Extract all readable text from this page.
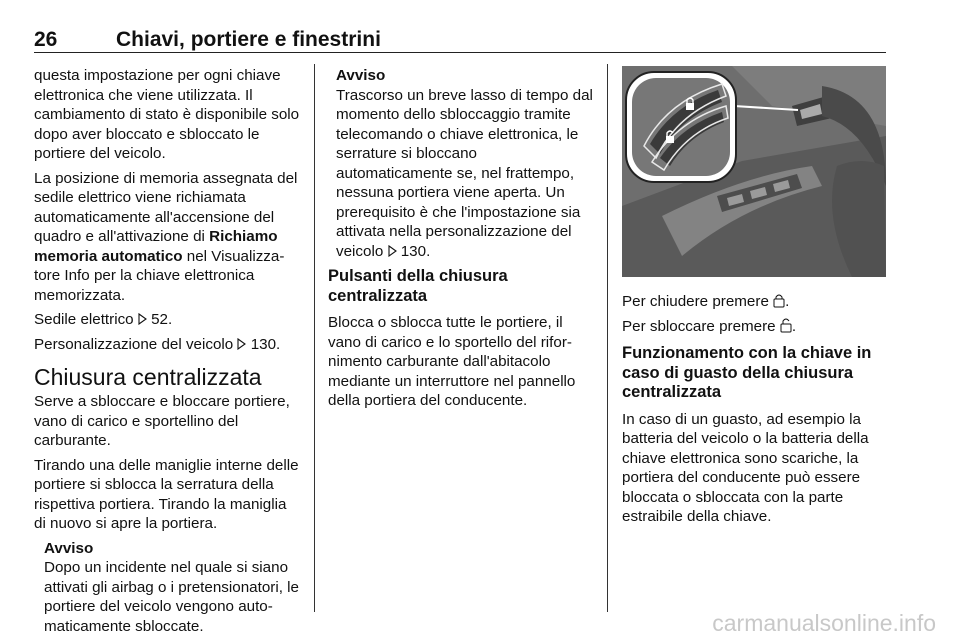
26	Chiavi, portiere e finestrini

questa impostazione per ogni chiave elettronica che viene utilizzata. Il cambiamento di stato è disponibile solo dopo aver bloccato e sbloccato le portiere del veicolo.

La posizione di memoria assegnata del sedile elettrico viene richiamata automaticamente all'accensione del quadro e all'attivazione di Richiamo memoria automatico nel Visualizzatore Info per la chiave elettronica memorizzata.

Sedile elettrico  52.

Personalizzazione del veicolo  130.

Chiusura centralizzata

Serve a sbloccare e bloccare portiere, vano di carico e sportellino del carburante.

Tirando una delle maniglie interne delle portiere si sblocca la serratura della rispettiva portiera. Tirando la maniglia di nuovo si apre la portiera.

Avviso
Dopo un incidente nel quale si siano attivati gli airbag o i pretensionatori, le portiere del veicolo vengono automaticamente sbloccate.
Avviso
Trascorso un breve lasso di tempo dal momento dello sbloccaggio tramite telecomando o chiave elettronica, le serrature si bloccano automaticamente se, nel frattempo, nessuna portiera viene aperta. Un prerequisito è che l'impostazione sia attivata nella personalizzazione del veicolo  130.
Pulsanti della chiusura centralizzata

Blocca o sblocca tutte le portiere, il vano di carico e lo sportello del rifornimento carburante dall'abitacolo mediante un interruttore nel pannello della portiera del conducente.

Per chiudere premere .

Per sbloccare premere .

Funzionamento con la chiave in caso di guasto della chiusura centralizzata

In caso di un guasto, ad esempio la batteria del veicolo o la batteria della chiave elettronica sono scariche, la portiera del conducente può essere bloccata o sbloccata con la parte estraibile della chiave.

carmanualsonline.info
